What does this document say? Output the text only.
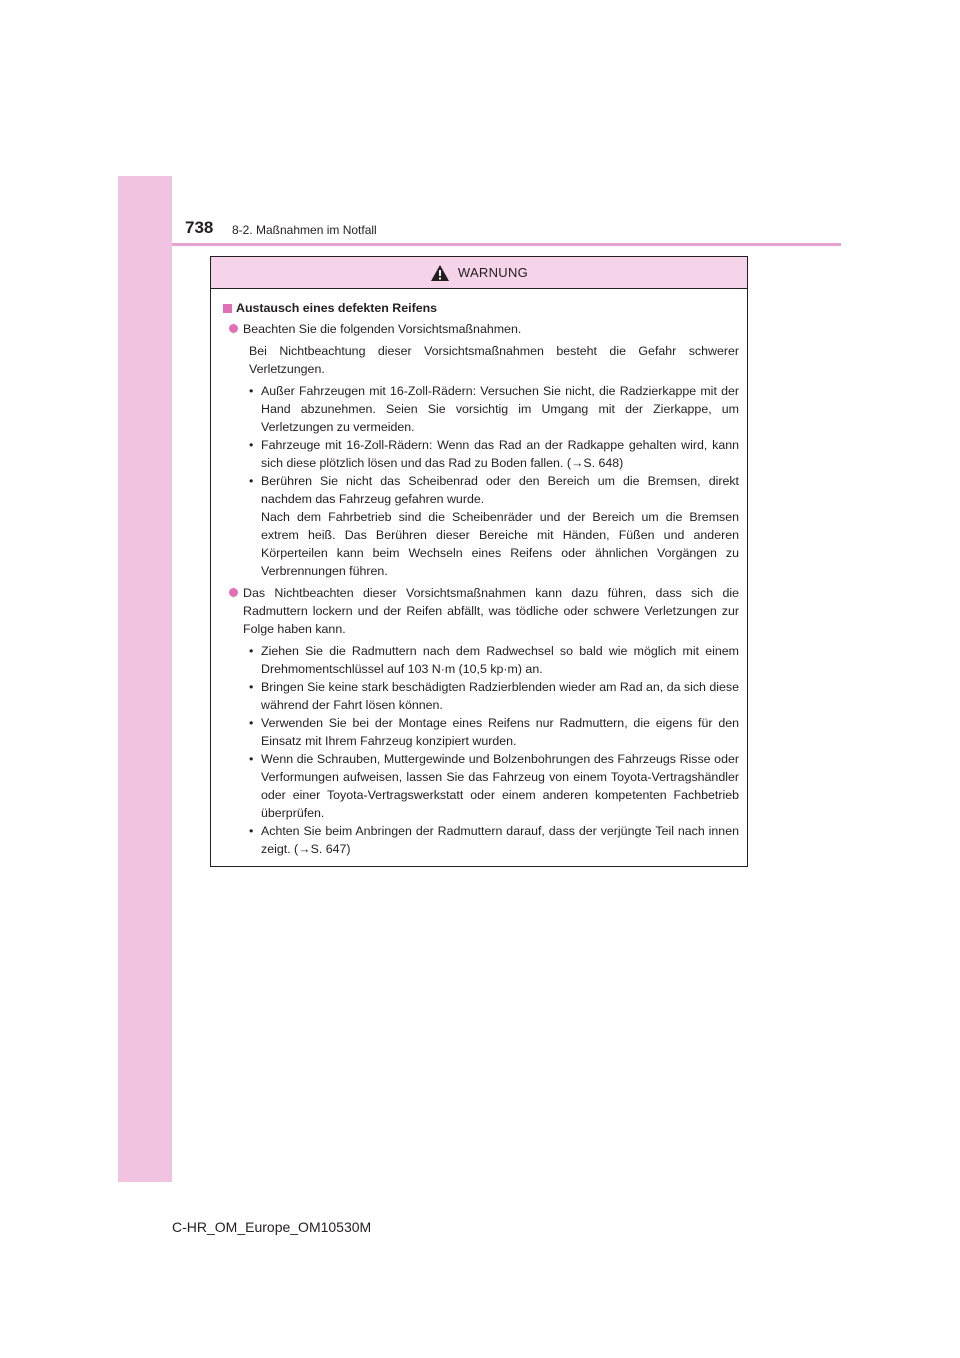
738 8-2. Maßnahmen im Notfall
WARNUNG
Austausch eines defekten Reifens
Beachten Sie die folgenden Vorsichtsmaßnahmen.
Bei Nichtbeachtung dieser Vorsichtsmaßnahmen besteht die Gefahr schwerer Verletzungen.
• Außer Fahrzeugen mit 16-Zoll-Rädern: Versuchen Sie nicht, die Radzierkappe mit der Hand abzunehmen. Seien Sie vorsichtig im Umgang mit der Zierkappe, um Verletzungen zu vermeiden.
• Fahrzeuge mit 16-Zoll-Rädern: Wenn das Rad an der Radkappe gehalten wird, kann sich diese plötzlich lösen und das Rad zu Boden fallen. (→S. 648)
• Berühren Sie nicht das Scheibenrad oder den Bereich um die Bremsen, direkt nachdem das Fahrzeug gefahren wurde.
Nach dem Fahrbetrieb sind die Scheibenräder und der Bereich um die Bremsen extrem heiß. Das Berühren dieser Bereiche mit Händen, Füßen und anderen Körperteilen kann beim Wechseln eines Reifens oder ähnlichen Vorgängen zu Verbrennungen führen.
Das Nichtbeachten dieser Vorsichtsmaßnahmen kann dazu führen, dass sich die Radmuttern lockern und der Reifen abfällt, was tödliche oder schwere Verletzungen zur Folge haben kann.
• Ziehen Sie die Radmuttern nach dem Radwechsel so bald wie möglich mit einem Drehmomentschlüssel auf 103 N·m (10,5 kp·m) an.
• Bringen Sie keine stark beschädigten Radzierblenden wieder am Rad an, da sich diese während der Fahrt lösen können.
• Verwenden Sie bei der Montage eines Reifens nur Radmuttern, die eigens für den Einsatz mit Ihrem Fahrzeug konzipiert wurden.
• Wenn die Schrauben, Muttergewinde und Bolzenbohrungen des Fahrzeugs Risse oder Verformungen aufweisen, lassen Sie das Fahrzeug von einem Toyota-Vertragshändler oder einer Toyota-Vertragswerkstatt oder einem anderen kompetenten Fachbetrieb überprüfen.
• Achten Sie beim Anbringen der Radmuttern darauf, dass der verjüngte Teil nach innen zeigt. (→S. 647)
C-HR_OM_Europe_OM10530M
